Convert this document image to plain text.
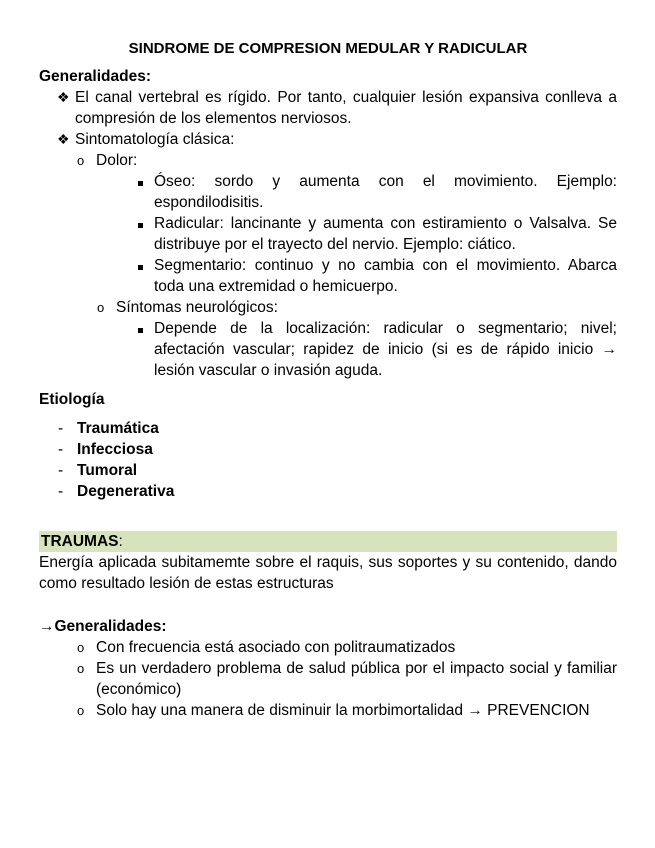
SINDROME DE COMPRESION MEDULAR Y RADICULAR

Generalidades:

❖ El canal vertebral es rígido. Por tanto, cualquier lesión expansiva conlleva a compresión de los elementos nerviosos.
❖ Sintomatología clásica:
o Dolor:
Óseo: sordo y aumenta con el movimiento. Ejemplo: espondilodisitis.
Radicular: lancinante y aumenta con estiramiento o Valsalva. Se distribuye por el trayecto del nervio. Ejemplo: ciático.
Segmentario: continuo y no cambia con el movimiento. Abarca toda una extremidad o hemicuerpo.
o Síntomas neurológicos:
Depende de la localización: radicular o segmentario; nivel; afectación vascular; rapidez de inicio (si es de rápido inicio → lesión vascular o invasión aguda.

Etiología

- Traumática
- Infecciosa
- Tumoral
- Degenerativa

TRAUMAS:

Energía aplicada subitamemte sobre el raquis, sus soportes y su contenido, dando como resultado lesión de estas estructuras

→Generalidades:

o Con frecuencia está asociado con politraumatizados
o Es un verdadero problema de salud pública por el impacto social y familiar (económico)
o Solo hay una manera de disminuir la morbimortalidad → PREVENCION
